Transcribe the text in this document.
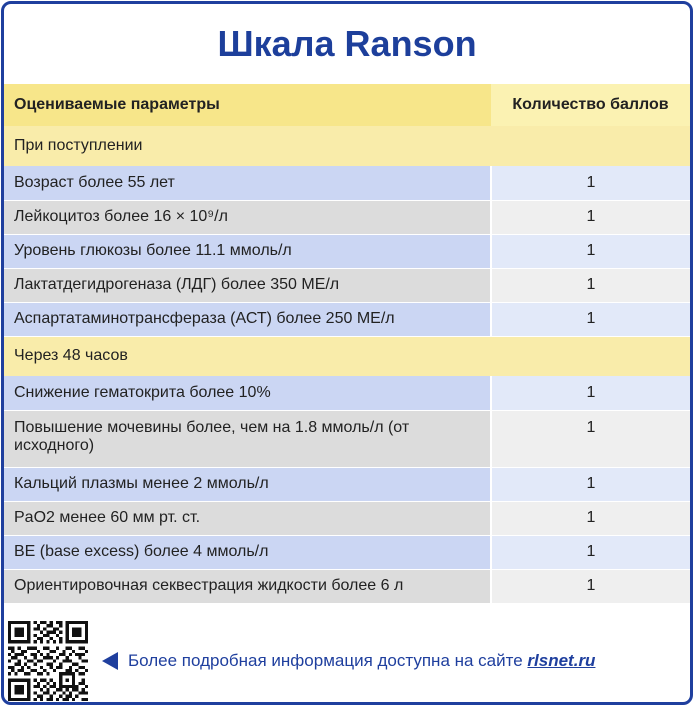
Шкала Ranson
Оцениваемые параметры	Количество баллов
При поступлении	
Возраст более 55 лет	1
Лейкоцитоз более 16 × 10⁹/л	1
Уровень глюкозы более 11.1 ммоль/л	1
Лактатдегидрогеназа (ЛДГ) более 350 МЕ/л	1
Аспартатаминотрансфераза (АСТ) более 250 МЕ/л	1
Через 48 часов	
Снижение гематокрита более 10%	1
Повышение мочевины более, чем на 1.8 ммоль/л (от исходного)	1
Кальций плазмы менее 2 ммоль/л	1
PaO2 менее 60 мм рт. ст.	1
BE (base excess) более 4 ммоль/л	1
Ориентировочная секвестрация жидкости более 6 л	1
Более подробная информация доступна на сайте rlsnet.ru
